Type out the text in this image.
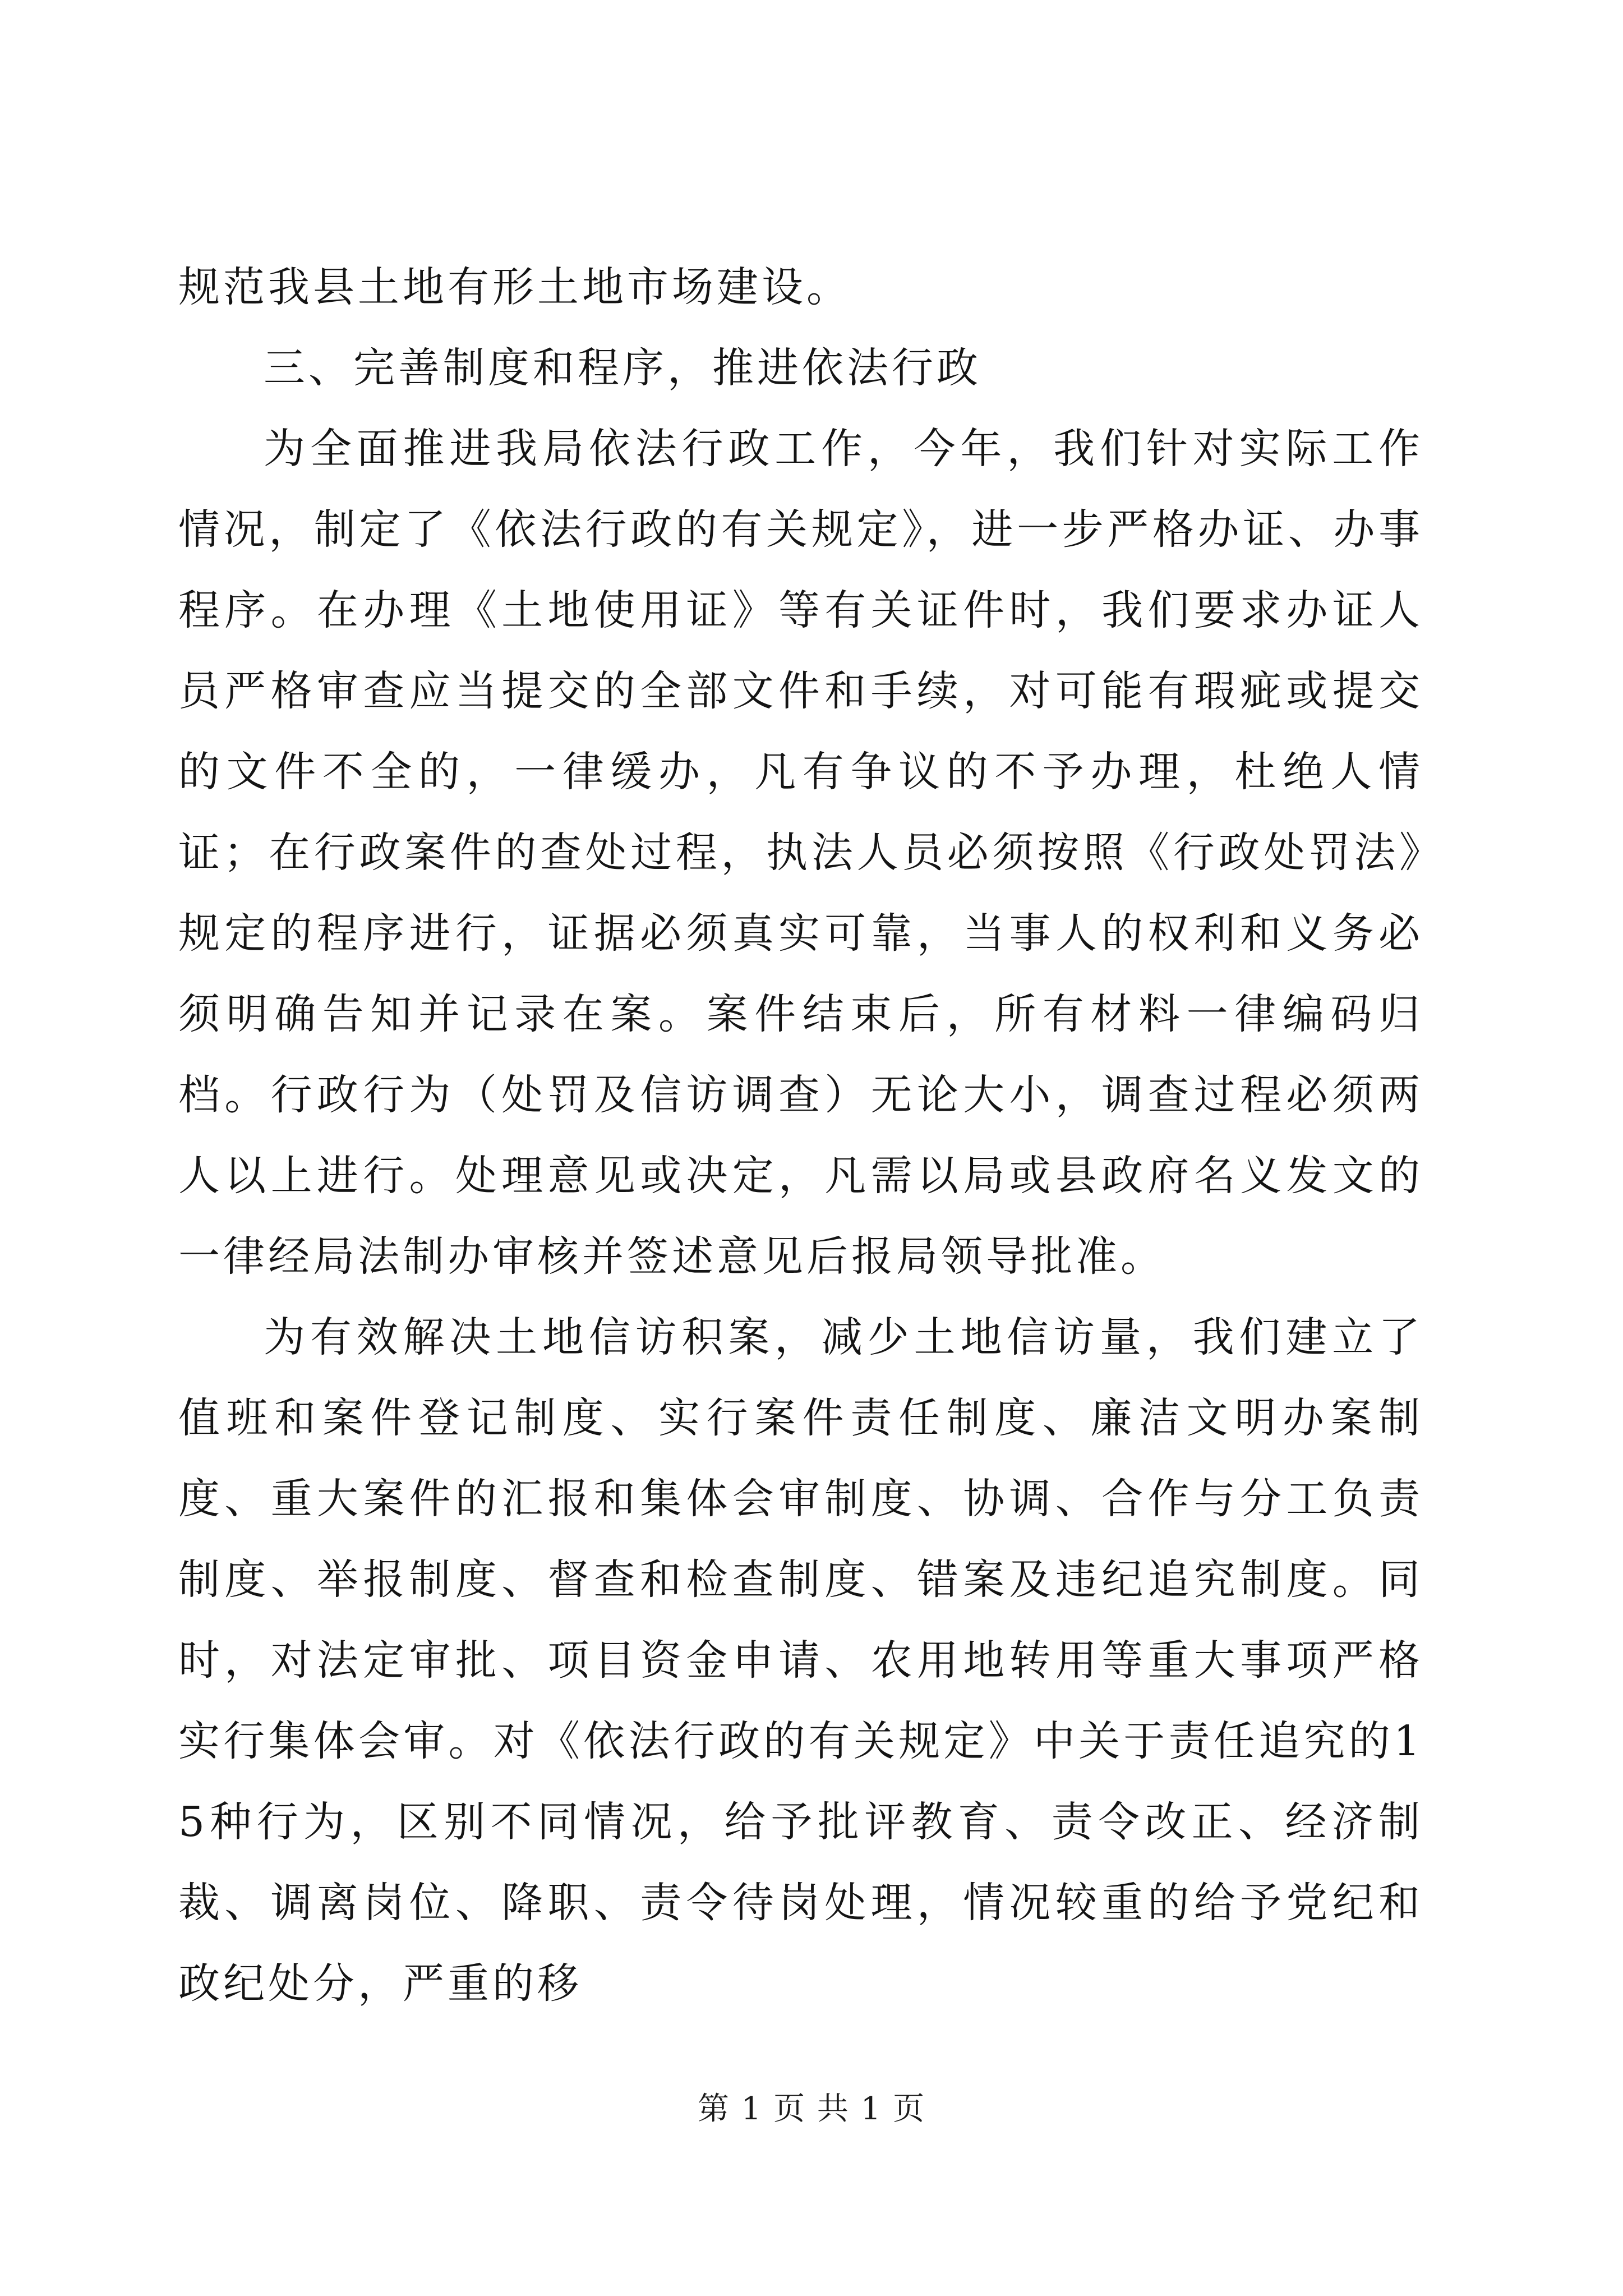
规范我县土地有形土地市场建设。

三、完善制度和程序，推进依法行政

为全面推进我局依法行政工作，今年，我们针对实际工作情况，制定了《依法行政的有关规定》，进一步严格办证、办事程序。在办理《土地使用证》等有关证件时，我们要求办证人员严格审查应当提交的全部文件和手续，对可能有瑕疵或提交的文件不全的，一律缓办，凡有争议的不予办理，杜绝人情证；在行政案件的查处过程，执法人员必须按照《行政处罚法》规定的程序进行，证据必须真实可靠，当事人的权利和义务必须明确告知并记录在案。案件结束后，所有材料一律编码归档。行政行为（处罚及信访调查）无论大小，调查过程必须两人以上进行。处理意见或决定，凡需以局或县政府名义发文的一律经局法制办审核并签述意见后报局领导批准。

为有效解决土地信访积案，减少土地信访量，我们建立了值班和案件登记制度、实行案件责任制度、廉洁文明办案制度、重大案件的汇报和集体会审制度、协调、合作与分工负责制度、举报制度、督查和检查制度、错案及违纪追究制度。同时，对法定审批、项目资金申请、农用地转用等重大事项严格实行集体会审。对《依法行政的有关规定》中关于责任追究的15种行为，区别不同情况，给予批评教育、责令改正、经济制裁、调离岗位、降职、责令待岗处理，情况较重的给予党纪和政纪处分，严重的移

第 1 页 共 1 页
